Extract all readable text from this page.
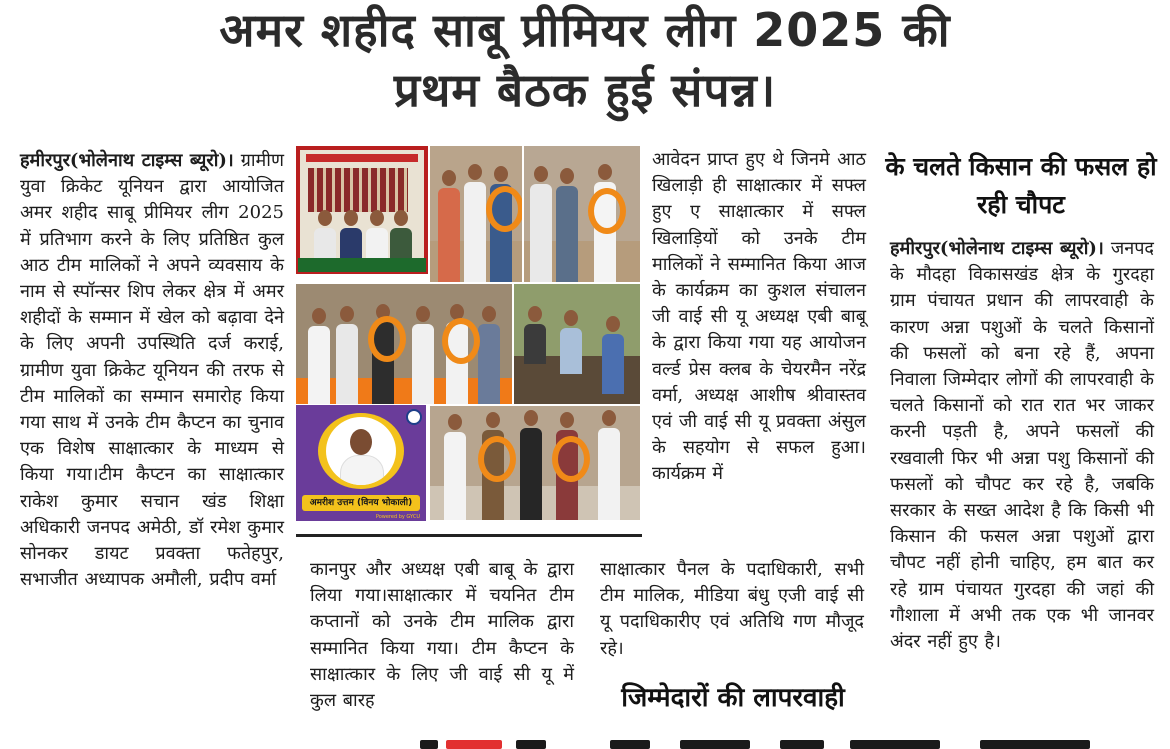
अमर शहीद साबू प्रीमियर लीग 2025 की
प्रथम बैठक हुई संपन्न।

हमीरपुर(भोलेनाथ टाइम्स ब्यूरो)। ग्रामीण युवा क्रिकेट यूनियन द्वारा आयोजित अमर शहीद साबू प्रीमियर लीग 2025 में प्रतिभाग करने के लिए प्रतिष्ठित कुल आठ टीम मालिकों ने अपने व्यवसाय के नाम से स्पॉन्सर शिप लेकर क्षेत्र में अमर शहीदों के सम्मान में खेल को बढ़ावा देने के लिए अपनी उपस्थिति दर्ज कराई, ग्रामीण युवा क्रिकेट यूनियन की तरफ से टीम मालिकों का सम्मान समारोह किया गया साथ में उनके टीम कैप्टन का चुनाव एक विशेष साक्षात्कार के माध्यम से किया गया।टीम कैप्टन का साक्षात्कार राकेश कुमार सचान खंड शिक्षा अधिकारी जनपद अमेठी, डॉ रमेश कुमार सोनकर डायट प्रवक्ता फतेहपुर, सभाजीत अध्यापक अमौली, प्रदीप वर्मा

अमरीश उत्तम (विनय भोकाली)
Powered by GYCU

कानपुर और अध्यक्ष एबी बाबू के द्वारा लिया गया।साक्षात्कार में चयनित टीम कप्तानों को उनके टीम मालिक द्वारा सम्मानित किया गया। टीम कैप्टन के साक्षात्कार के लिए जी वाई सी यू में कुल बारह

आवेदन प्राप्त हुए थे जिनमे आठ खिलाड़ी ही साक्षात्कार में सफ्ल हुए ए साक्षात्कार में सफ्ल खिलाड़ियों को उनके टीम मालिकों ने सम्मानित किया आज के कार्यक्रम का कुशल संचालन जी वाई सी यू अध्यक्ष एबी बाबू के द्वारा किया गया यह आयोजन वर्ल्ड प्रेस क्लब के चेयरमैन नरेंद्र वर्मा, अध्यक्ष आशीष श्रीवास्तव एवं जी वाई सी यू प्रवक्ता अंसुल के सहयोग से सफल हुआ। कार्यक्रम में

साक्षात्कार पैनल के पदाधिकारी, सभी टीम मालिक, मीडिया बंधु एजी वाई सी यू पदाधिकारीए एवं अतिथि गण मौजूद रहे।

जिम्मेदारों की लापरवाही
के चलते किसान की फसल हो रही चौपट

हमीरपुर(भोलेनाथ टाइम्स ब्यूरो)। जनपद के मौदहा विकासखंड क्षेत्र के गुरदहा ग्राम पंचायत प्रधान की लापरवाही के कारण अन्ना पशुओं के चलते किसानों की फसलों को बना रहे हैं, अपना निवाला जिम्मेदार लोगों की लापरवाही के चलते किसानों को रात रात भर जाकर करनी पड़ती है, अपने फसलों की रखवाली फिर भी अन्ना पशु किसानों की फसलों को चौपट कर रहे है, जबकि सरकार के सख्त आदेश है कि किसी भी किसान की फसल अन्ना पशुओं द्वारा चौपट नहीं होनी चाहिए, हम बात कर रहे ग्राम पंचायत गुरदहा की जहां की गौशाला में अभी तक एक भी जानवर अंदर नहीं हुए है।
